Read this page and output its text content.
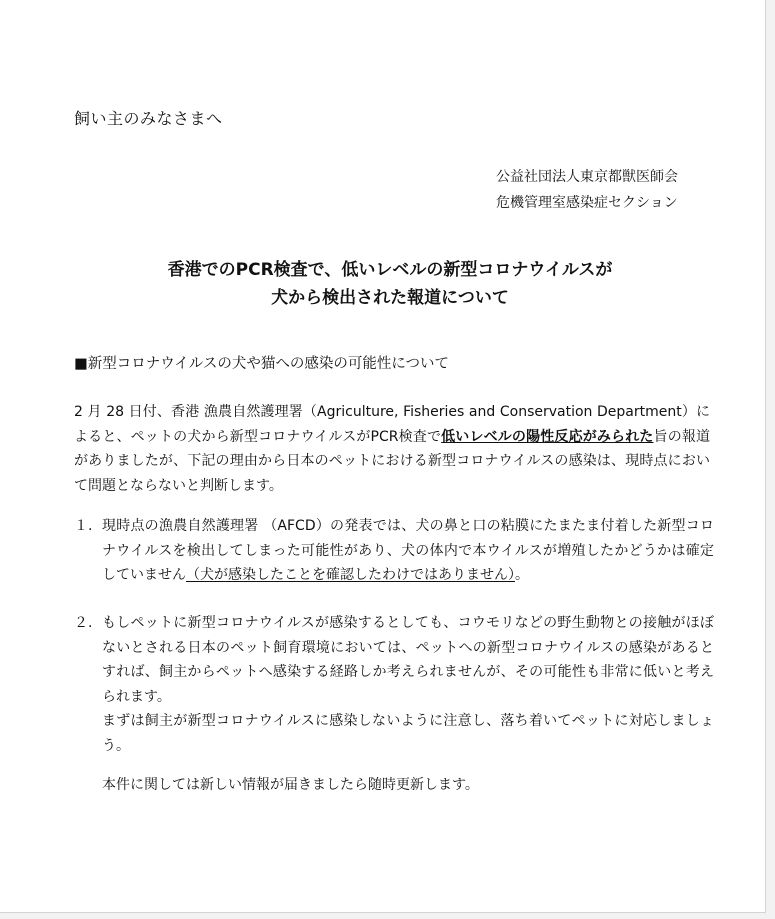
飼い主のみなさまへ
公益社団法人東京都獣医師会
危機管理室感染症セクション
香港でのPCR検査で、低いレベルの新型コロナウイルスが
犬から検出された報道について
■新型コロナウイルスの犬や猫への感染の可能性について
2 月 28 日付、香港 漁農自然護理署（Agriculture, Fisheries and Conservation Department）によると、ペットの犬から新型コロナウイルスがPCR検査で低いレベルの陽性反応がみられた旨の報道がありましたが、下記の理由から日本のペットにおける新型コロナウイルスの感染は、現時点において問題とならないと判断します。
１. 現時点の漁農自然護理署 （AFCD）の発表では、犬の鼻と口の粘膜にたまたま付着した新型コロナウイルスを検出してしまった可能性があり、犬の体内で本ウイルスが増殖したかどうかは確定していません（犬が感染したことを確認したわけではありません）。
２. もしペットに新型コロナウイルスが感染するとしても、コウモリなどの野生動物との接触がほぼないとされる日本のペット飼育環境においては、ペットへの新型コロナウイルスの感染があるとすれば、飼主からペットへ感染する経路しか考えられませんが、その可能性も非常に低いと考えられます。
まずは飼主が新型コロナウイルスに感染しないように注意し、落ち着いてペットに対応しましょう。
本件に関しては新しい情報が届きましたら随時更新します。
